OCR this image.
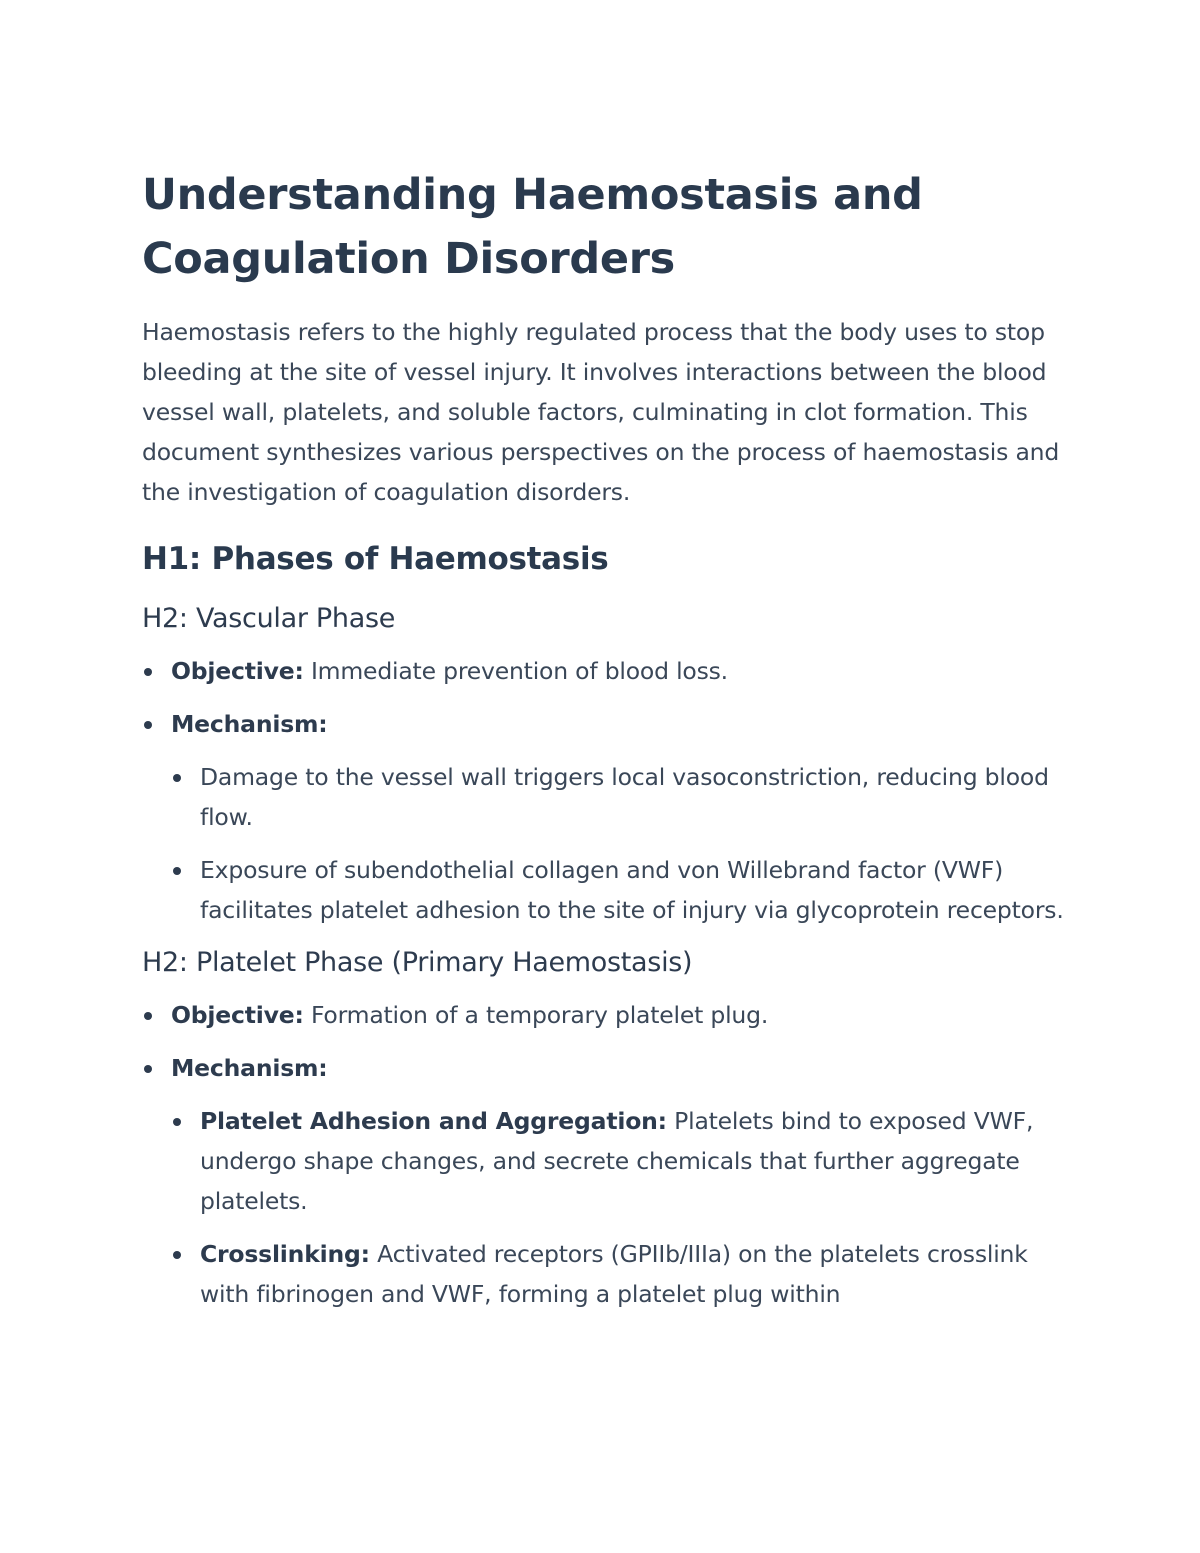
Understanding Haemostasis and Coagulation Disorders

Haemostasis refers to the highly regulated process that the body uses to stop bleeding at the site of vessel injury. It involves interactions between the blood vessel wall, platelets, and soluble factors, culminating in clot formation. This document synthesizes various perspectives on the process of haemostasis and the investigation of coagulation disorders.

H1: Phases of Haemostasis
H2: Vascular Phase
Objective: Immediate prevention of blood loss.
Mechanism:
Damage to the vessel wall triggers local vasoconstriction, reducing blood flow.
Exposure of subendothelial collagen and von Willebrand factor (VWF) facilitates platelet adhesion to the site of injury via glycoprotein receptors.
H2: Platelet Phase (Primary Haemostasis)
Objective: Formation of a temporary platelet plug.
Mechanism:
Platelet Adhesion and Aggregation: Platelets bind to exposed VWF, undergo shape changes, and secrete chemicals that further aggregate platelets.
Crosslinking: Activated receptors (GPIIb/IIIa) on the platelets crosslink with fibrinogen and VWF, forming a platelet plug within
